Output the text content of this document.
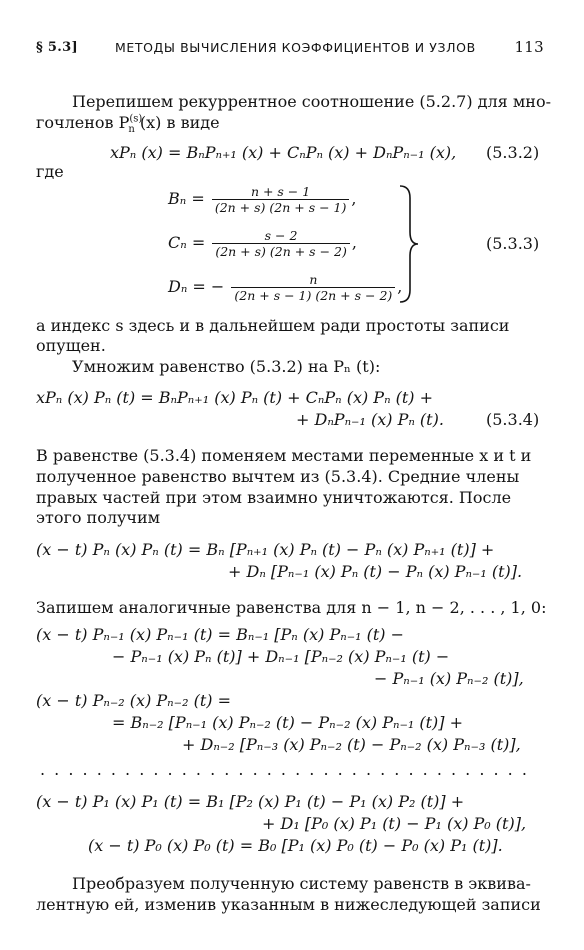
§ 5.3]	МЕТОДЫ ВЫЧИСЛЕНИЯ КОЭФФИЦИЕНТОВ И УЗЛОВ	113
Перепишем рекуррентное соотношение (5.2.7) для мно-
гочленов $P^{(s)}_n$ (x) в виде
xPₙ (x) = BₙPₙ₊₁ (x) + CₙPₙ (x) + DₙPₙ₋₁ (x), (5.3.2)
где
$B_n = \frac{n + s - 1}{(2n + s) (2n + s - 1)}$ ,
$C_n = \frac{s - 2}{(2n + s) (2n + s - 2)}$ ,
Dₙ = − $\frac{n}{(2n + s - 1) (2n + s - 2)}$ ,
(5.3.3)
а индекс s здесь и в дальнейшем ради простоты записи
опущен.
Умножим равенство (5.3.2) на Pₙ (t):
xPₙ (x) Pₙ (t) = BₙPₙ₊₁ (x) Pₙ (t) + CₙPₙ (x) Pₙ (t) +
+ DₙPₙ₋₁ (x) Pₙ (t).	(5.3.4)
В равенстве (5.3.4) поменяем местами переменные x и t и
полученное равенство вычтем из (5.3.4). Средние члены
правых частей при этом взаимно уничтожаются. После
этого получим
(x − t) Pₙ (x) Pₙ (t) = Bₙ [Pₙ₊₁ (x) Pₙ (t) − Pₙ (x) Pₙ₊₁ (t)] +
+ Dₙ [Pₙ₋₁ (x) Pₙ (t) − Pₙ (x) Pₙ₋₁ (t)].
Запишем аналогичные равенства для n − 1, n − 2, . . . , 1, 0:
(x − t) Pₙ₋₁ (x) Pₙ₋₁ (t) = Bₙ₋₁ [Pₙ (x) Pₙ₋₁ (t) −
− Pₙ₋₁ (x) Pₙ (t)] + Dₙ₋₁ [Pₙ₋₂ (x) Pₙ₋₁ (t) −
− Pₙ₋₁ (x) Pₙ₋₂ (t)],
(x − t) Pₙ₋₂ (x) Pₙ₋₂ (t) =
= Bₙ₋₂ [Pₙ₋₁ (x) Pₙ₋₂ (t) − Pₙ₋₂ (x) Pₙ₋₁ (t)] +
+ Dₙ₋₂ [Pₙ₋₃ (x) Pₙ₋₂ (t) − Pₙ₋₂ (x) Pₙ₋₃ (t)],
. . . . . . . . . . . . . . . . . . . . . . . . . . . . . . . . . . .
(x − t) P₁ (x) P₁ (t) = B₁ [P₂ (x) P₁ (t) − P₁ (x) P₂ (t)] +
+ D₁ [P₀ (x) P₁ (t) − P₁ (x) P₀ (t)],
(x − t) P₀ (x) P₀ (t) = B₀ [P₁ (x) P₀ (t) − P₀ (x) P₁ (t)].
Преобразуем полученную систему равенств в эквива-
лентную ей, изменив указанным в нижеследующей записи
